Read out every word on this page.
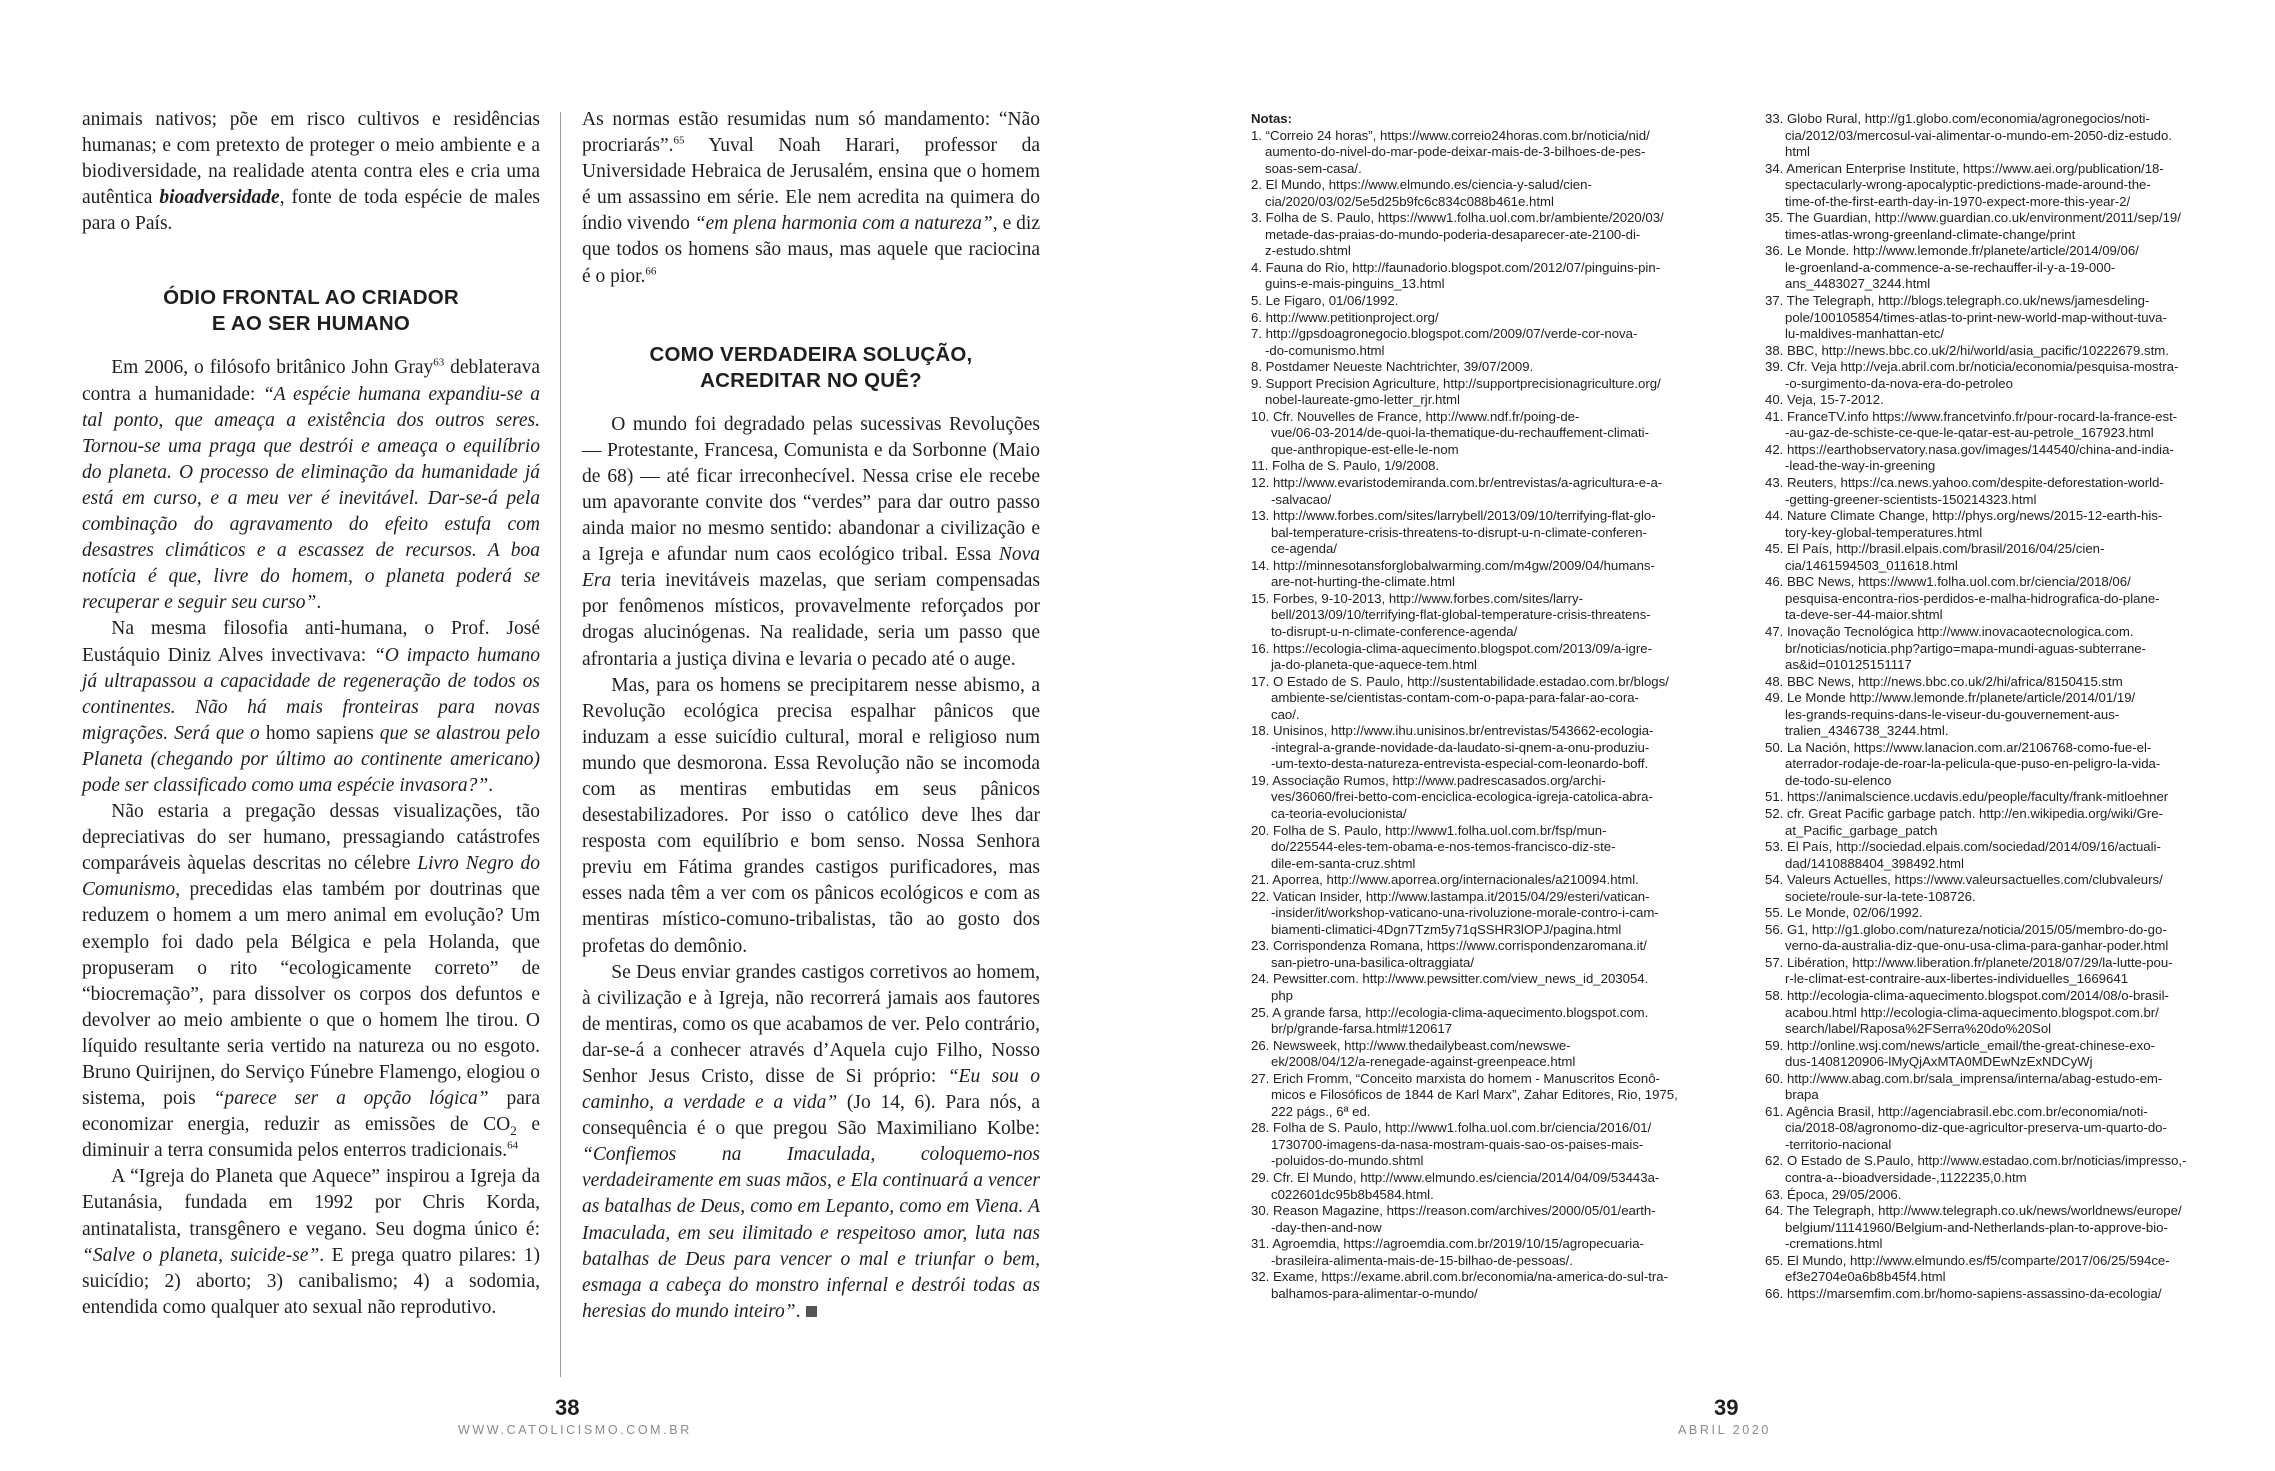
animais nativos; põe em risco cultivos e residências humanas; e com pretexto de proteger o meio ambiente e a biodiversidade, na realidade atenta contra eles e cria uma autêntica bioadversidade, fonte de toda espécie de males para o País.

ÓDIO FRONTAL AO CRIADOR
E AO SER HUMANO

Em 2006, o filósofo britânico John Gray$^{63}$ deblaterava contra a humanidade: “A espécie humana expandiu-se a tal ponto, que ameaça a existência dos outros seres. Tornou-se uma praga que destrói e ameaça o equilíbrio do planeta. O processo de eliminação da humanidade já está em curso, e a meu ver é inevitável. Dar-se-á pela combinação do agravamento do efeito estufa com desastres climáticos e a escassez de recursos. A boa notícia é que, livre do homem, o planeta poderá se recuperar e seguir seu curso”.

Na mesma filosofia anti-humana, o Prof. José Eustáquio Diniz Alves invectivava: “O impacto humano já ultrapassou a capacidade de regeneração de todos os continentes. Não há mais fronteiras para novas migrações. Será que o homo sapiens que se alastrou pelo Planeta (chegando por último ao continente americano) pode ser classificado como uma espécie invasora?”.

Não estaria a pregação dessas visualizações, tão depreciativas do ser humano, pressagiando catástrofes comparáveis àquelas descritas no célebre Livro Negro do Comunismo, precedidas elas também por doutrinas que reduzem o homem a um mero animal em evolução? Um exemplo foi dado pela Bélgica e pela Holanda, que propuseram o rito “ecologicamente correto” de “biocremação”, para dissolver os corpos dos defuntos e devolver ao meio ambiente o que o homem lhe tirou. O líquido resultante seria vertido na natureza ou no esgoto. Bruno Quirijnen, do Serviço Fúnebre Flamengo, elogiou o sistema, pois “parece ser a opção lógica” para economizar energia, reduzir as emissões de $CO_2$ e diminuir a terra consumida pelos enterros tradicionais.$^{64}$

A “Igreja do Planeta que Aquece” inspirou a Igreja da Eutanásia, fundada em 1992 por Chris Korda, antinatalista, transgênero e vegano. Seu dogma único é: “Salve o planeta, suicide-se”. E prega quatro pilares: 1) suicídio; 2) aborto; 3) canibalismo; 4) a sodomia, entendida como qualquer ato sexual não reprodutivo.

As normas estão resumidas num só mandamento: “Não procriarás”.$^{65}$ Yuval Noah Harari, professor da Universidade Hebraica de Jerusalém, ensina que o homem é um assassino em série. Ele nem acredita na quimera do índio vivendo “em plena harmonia com a natureza”, e diz que todos os homens são maus, mas aquele que raciocina é o pior.$^{66}$

COMO VERDADEIRA SOLUÇÃO,
ACREDITAR NO QUÊ?

O mundo foi degradado pelas sucessivas Revoluções — Protestante, Francesa, Comunista e da Sorbonne (Maio de 68) — até ficar irreconhecível. Nessa crise ele recebe um apavorante convite dos “verdes” para dar outro passo ainda maior no mesmo sentido: abandonar a civilização e a Igreja e afundar num caos ecológico tribal. Essa Nova Era teria inevitáveis mazelas, que seriam compensadas por fenômenos místicos, provavelmente reforçados por drogas alucinógenas. Na realidade, seria um passo que afrontaria a justiça divina e levaria o pecado até o auge.

Mas, para os homens se precipitarem nesse abismo, a Revolução ecológica precisa espalhar pânicos que induzam a esse suicídio cultural, moral e religioso num mundo que desmorona. Essa Revolução não se incomoda com as mentiras embutidas em seus pânicos desestabilizadores. Por isso o católico deve lhes dar resposta com equilíbrio e bom senso. Nossa Senhora previu em Fátima grandes castigos purificadores, mas esses nada têm a ver com os pânicos ecológicos e com as mentiras místico-comuno-tribalistas, tão ao gosto dos profetas do demônio.

Se Deus enviar grandes castigos corretivos ao homem, à civilização e à Igreja, não recorrerá jamais aos fautores de mentiras, como os que acabamos de ver. Pelo contrário, dar-se-á a conhecer através d’Aquela cujo Filho, Nosso Senhor Jesus Cristo, disse de Si próprio: “Eu sou o caminho, a verdade e a vida” (Jo 14, 6). Para nós, a consequência é o que pregou São Maximiliano Kolbe: “Confiemos na Imaculada, coloquemo-nos verdadeiramente em suas mãos, e Ela continuará a vencer as batalhas de Deus, como em Lepanto, como em Viena. A Imaculada, em seu ilimitado e respeitoso amor, luta nas batalhas de Deus para vencer o mal e triunfar o bem, esmaga a cabeça do monstro infernal e destrói todas as heresias do mundo inteiro”.

38
WWW.CATOLICISMO.COM.BR
Notas:
1. “Correio 24 horas”, https://www.correio24horas.com.br/noticia/nid/

aumento-do-nivel-do-mar-pode-deixar-mais-de-3-bilhoes-de-pes-
soas-sem-casa/.
2. El Mundo, https://www.elmundo.es/ciencia-y-salud/cien-

cia/2020/03/02/5e5d25b9fc6c834c088b461e.html
3. Folha de S. Paulo, https://www1.folha.uol.com.br/ambiente/2020/03/

metade-das-praias-do-mundo-poderia-desaparecer-ate-2100-di-
z-estudo.shtml
4. Fauna do Rio, http://faunadorio.blogspot.com/2012/07/pinguins-pin-

guins-e-mais-pinguins_13.html
5. Le Figaro, 01/06/1992.
6. http://www.petitionproject.org/
7. http://gpsdoagronegocio.blogspot.com/2009/07/verde-cor-nova-

-do-comunismo.html
8. Postdamer Neueste Nachtrichter, 39/07/2009.
9. Support Precision Agriculture, http://supportprecisionagriculture.org/

nobel-laureate-gmo-letter_rjr.html
10. Cfr. Nouvelles de France, http://www.ndf.fr/poing-de-

vue/06-03-2014/de-quoi-la-thematique-du-rechauffement-climati-
que-anthropique-est-elle-le-nom
11. Folha de S. Paulo, 1/9/2008.
12. http://www.evaristodemiranda.com.br/entrevistas/a-agricultura-e-a-

-salvacao/
13. http://www.forbes.com/sites/larrybell/2013/09/10/terrifying-flat-glo-

bal-temperature-crisis-threatens-to-disrupt-u-n-climate-conferen-
ce-agenda/
14. http://minnesotansforglobalwarming.com/m4gw/2009/04/humans-

are-not-hurting-the-climate.html
15. Forbes, 9-10-2013, http://www.forbes.com/sites/larry-

bell/2013/09/10/terrifying-flat-global-temperature-crisis-threatens-
to-disrupt-u-n-climate-conference-agenda/
16. https://ecologia-clima-aquecimento.blogspot.com/2013/09/a-igre-

ja-do-planeta-que-aquece-tem.html
17. O Estado de S. Paulo, http://sustentabilidade.estadao.com.br/blogs/

ambiente-se/cientistas-contam-com-o-papa-para-falar-ao-cora-
cao/.
18. Unisinos, http://www.ihu.unisinos.br/entrevistas/543662-ecologia-

-integral-a-grande-novidade-da-laudato-si-qnem-a-onu-produziu-
-um-texto-desta-natureza-entrevista-especial-com-leonardo-boff.
19. Associação Rumos, http://www.padrescasados.org/archi-

ves/36060/frei-betto-com-enciclica-ecologica-igreja-catolica-abra-
ca-teoria-evolucionista/
20. Folha de S. Paulo, http://www1.folha.uol.com.br/fsp/mun-

do/225544-eles-tem-obama-e-nos-temos-francisco-diz-ste-
dile-em-santa-cruz.shtml
21. Aporrea, http://www.aporrea.org/internacionales/a210094.html.
22. Vatican Insider, http://www.lastampa.it/2015/04/29/esteri/vatican-

-insider/it/workshop-vaticano-una-rivoluzione-morale-contro-i-cam-
biamenti-climatici-4Dgn7Tzm5y71qSSHR3lOPJ/pagina.html
23. Corrispondenza Romana, https://www.corrispondenzaromana.it/

san-pietro-una-basilica-oltraggiata/
24. Pewsitter.com. http://www.pewsitter.com/view_news_id_203054.

php
25. A grande farsa, http://ecologia-clima-aquecimento.blogspot.com.

br/p/grande-farsa.html#120617
26. Newsweek, http://www.thedailybeast.com/newswe-

ek/2008/04/12/a-renegade-against-greenpeace.html
27. Erich Fromm, “Conceito marxista do homem - Manuscritos Econô-

micos e Filosóficos de 1844 de Karl Marx”, Zahar Editores, Rio, 1975,
222 págs., 6ª ed.
28. Folha de S. Paulo, http://www1.folha.uol.com.br/ciencia/2016/01/

1730700-imagens-da-nasa-mostram-quais-sao-os-paises-mais-
-poluidos-do-mundo.shtml
29. Cfr. El Mundo, http://www.elmundo.es/ciencia/2014/04/09/53443a-

c022601dc95b8b4584.html.
30. Reason Magazine, https://reason.com/archives/2000/05/01/earth-

-day-then-and-now
31. Agroemdia, https://agroemdia.com.br/2019/10/15/agropecuaria-

-brasileira-alimenta-mais-de-15-bilhao-de-pessoas/.
32. Exame, https://exame.abril.com.br/economia/na-america-do-sul-tra-

balhamos-para-alimentar-o-mundo/
33. Globo Rural, http://g1.globo.com/economia/agronegocios/noti-

cia/2012/03/mercosul-vai-alimentar-o-mundo-em-2050-diz-estudo.
html
34. American Enterprise Institute, https://www.aei.org/publication/18-

spectacularly-wrong-apocalyptic-predictions-made-around-the-
time-of-the-first-earth-day-in-1970-expect-more-this-year-2/
35. The Guardian, http://www.guardian.co.uk/environment/2011/sep/19/

times-atlas-wrong-greenland-climate-change/print
36. Le Monde. http://www.lemonde.fr/planete/article/2014/09/06/

le-groenland-a-commence-a-se-rechauffer-il-y-a-19-000-
ans_4483027_3244.html
37. The Telegraph, http://blogs.telegraph.co.uk/news/jamesdeling-

pole/100105854/times-atlas-to-print-new-world-map-without-tuva-
lu-maldives-manhattan-etc/
38. BBC, http://news.bbc.co.uk/2/hi/world/asia_pacific/10222679.stm.
39. Cfr. Veja http://veja.abril.com.br/noticia/economia/pesquisa-mostra-

-o-surgimento-da-nova-era-do-petroleo
40. Veja, 15-7-2012.
41. FranceTV.info https://www.francetvinfo.fr/pour-rocard-la-france-est-

-au-gaz-de-schiste-ce-que-le-qatar-est-au-petrole_167923.html
42. https://earthobservatory.nasa.gov/images/144540/china-and-india-

-lead-the-way-in-greening
43. Reuters, https://ca.news.yahoo.com/despite-deforestation-world-

-getting-greener-scientists-150214323.html
44. Nature Climate Change, http://phys.org/news/2015-12-earth-his-

tory-key-global-temperatures.html
45. El País, http://brasil.elpais.com/brasil/2016/04/25/cien-

cia/1461594503_011618.html
46. BBC News, https://www1.folha.uol.com.br/ciencia/2018/06/

pesquisa-encontra-rios-perdidos-e-malha-hidrografica-do-plane-
ta-deve-ser-44-maior.shtml
47. Inovação Tecnológica http://www.inovacaotecnologica.com.

br/noticias/noticia.php?artigo=mapa-mundi-aguas-subterrane-
as&id=010125151117
48. BBC News, http://news.bbc.co.uk/2/hi/africa/8150415.stm
49. Le Monde http://www.lemonde.fr/planete/article/2014/01/19/

les-grands-requins-dans-le-viseur-du-gouvernement-aus-
tralien_4346738_3244.html.
50. La Nación, https://www.lanacion.com.ar/2106768-como-fue-el-

aterrador-rodaje-de-roar-la-pelicula-que-puso-en-peligro-la-vida-
de-todo-su-elenco
51. https://animalscience.ucdavis.edu/people/faculty/frank-mitloehner
52. cfr. Great Pacific garbage patch. http://en.wikipedia.org/wiki/Gre-

at_Pacific_garbage_patch
53. El País, http://sociedad.elpais.com/sociedad/2014/09/16/actuali-

dad/1410888404_398492.html
54. Valeurs Actuelles, https://www.valeursactuelles.com/clubvaleurs/

societe/roule-sur-la-tete-108726.
55. Le Monde, 02/06/1992.
56. G1, http://g1.globo.com/natureza/noticia/2015/05/membro-do-go-

verno-da-australia-diz-que-onu-usa-clima-para-ganhar-poder.html
57. Libération, http://www.liberation.fr/planete/2018/07/29/la-lutte-pou-

r-le-climat-est-contraire-aux-libertes-individuelles_1669641
58. http://ecologia-clima-aquecimento.blogspot.com/2014/08/o-brasil-

acabou.html http://ecologia-clima-aquecimento.blogspot.com.br/
search/label/Raposa%2FSerra%20do%20Sol
59. http://online.wsj.com/news/article_email/the-great-chinese-exo-

dus-1408120906-lMyQjAxMTA0MDEwNzExNDCyWj
60. http://www.abag.com.br/sala_imprensa/interna/abag-estudo-em-

brapa
61. Agência Brasil, http://agenciabrasil.ebc.com.br/economia/noti-

cia/2018-08/agronomo-diz-que-agricultor-preserva-um-quarto-do-
-territorio-nacional
62. O Estado de S.Paulo, http://www.estadao.com.br/noticias/impresso,-

contra-a--bioadversidade-,1122235,0.htm
63. Época, 29/05/2006.
64. The Telegraph, http://www.telegraph.co.uk/news/worldnews/europe/

belgium/11141960/Belgium-and-Netherlands-plan-to-approve-bio-
-cremations.html
65. El Mundo, http://www.elmundo.es/f5/comparte/2017/06/25/594ce-

ef3e2704e0a6b8b45f4.html
66. https://marsemfim.com.br/homo-sapiens-assassino-da-ecologia/
39
ABRIL 2020
